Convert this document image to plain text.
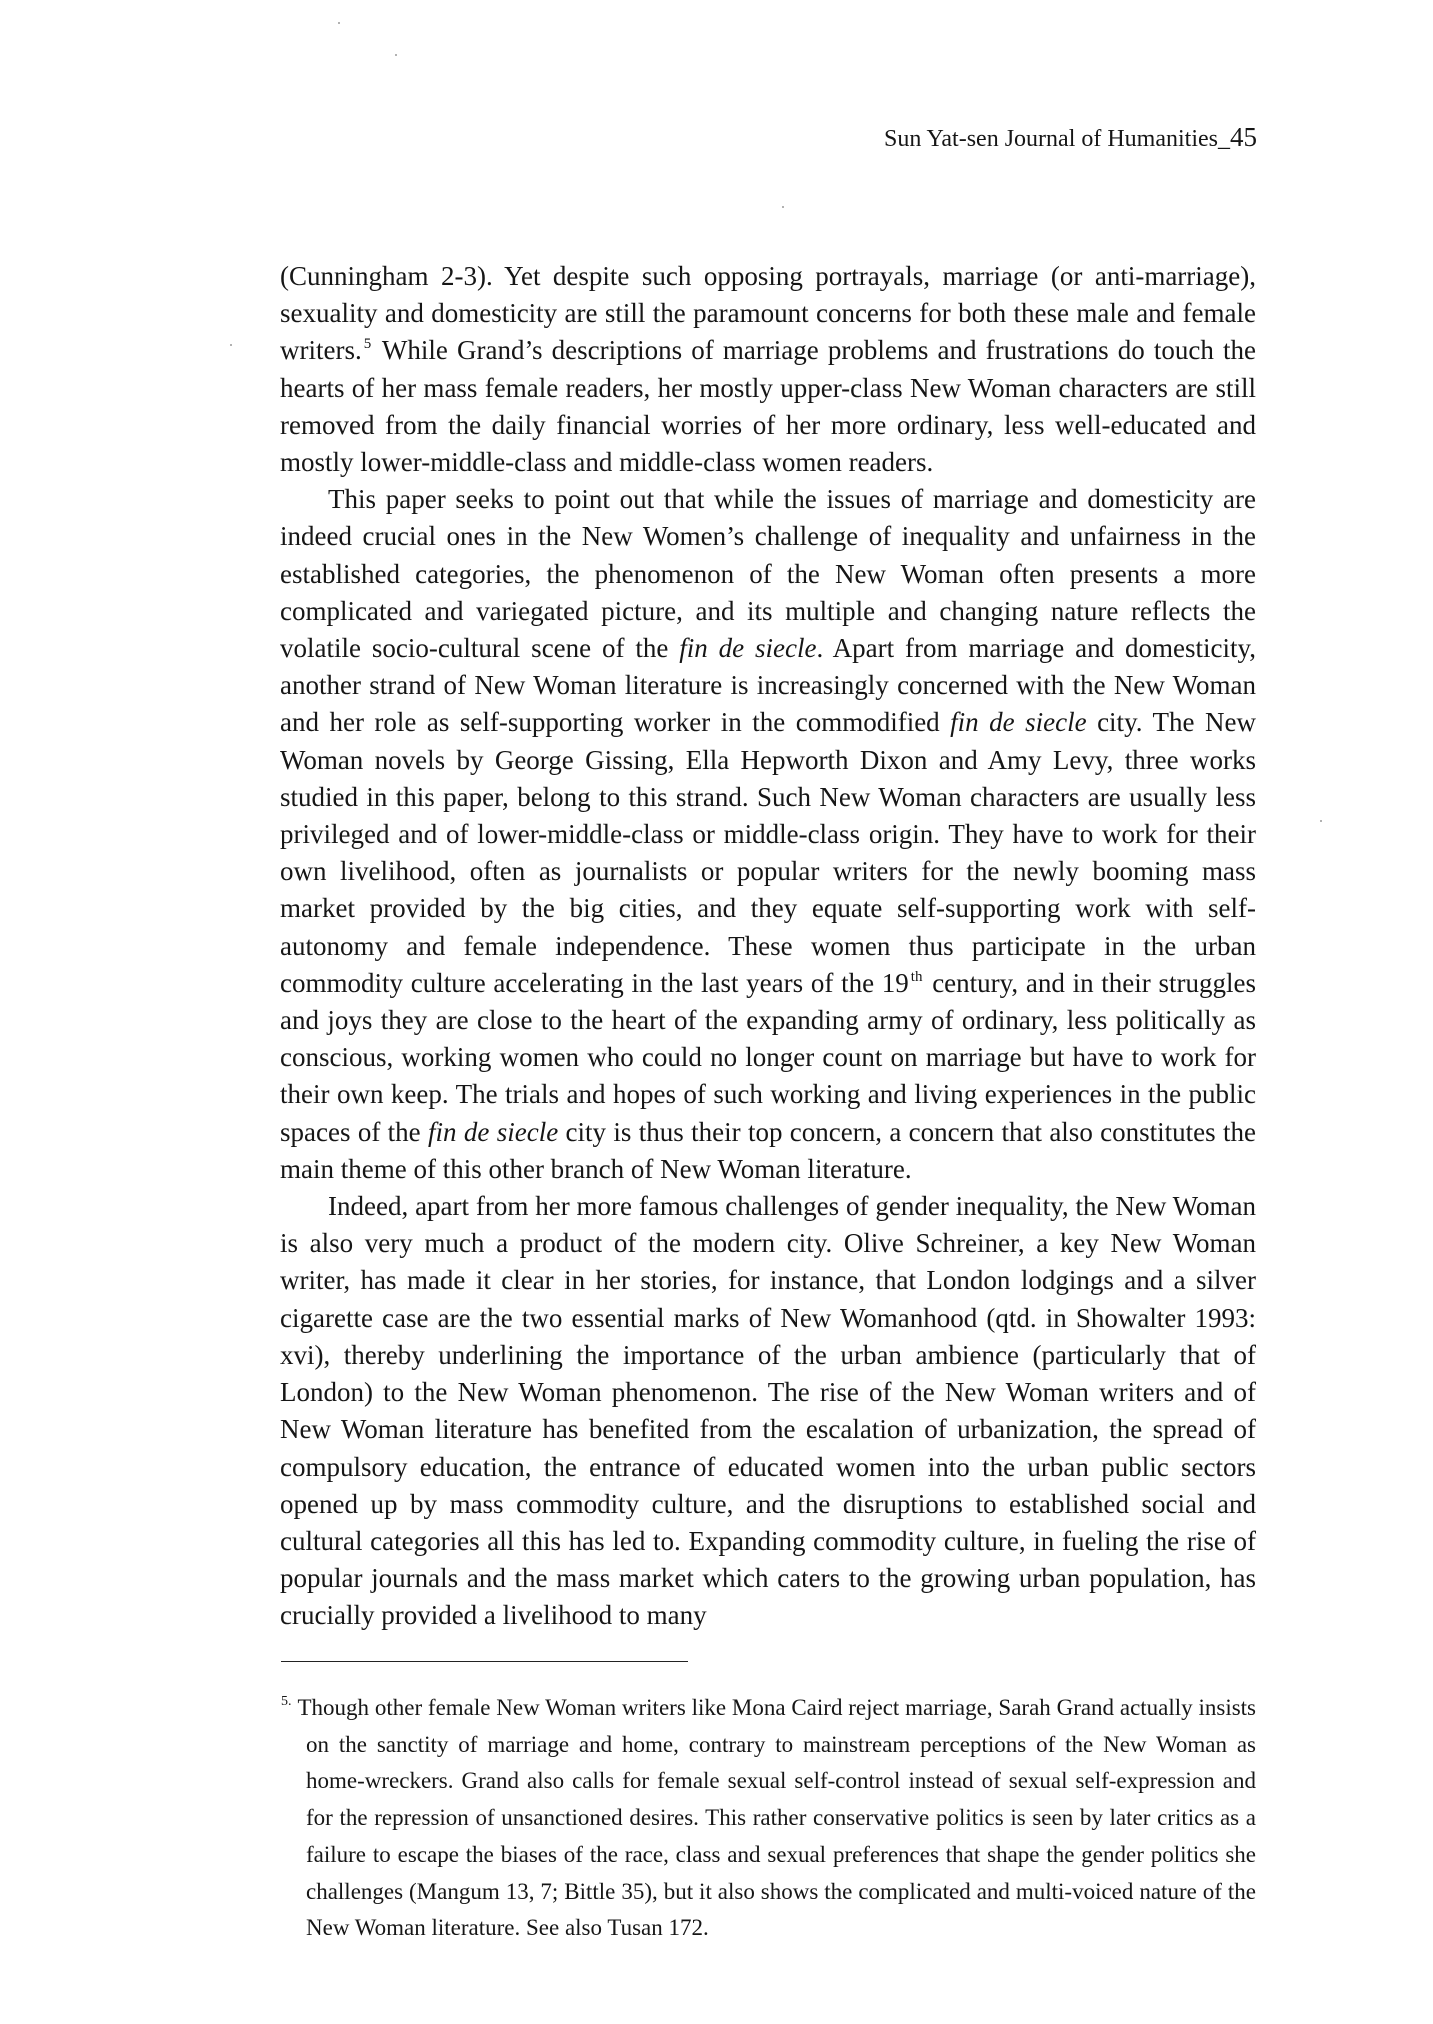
Sun Yat-sen Journal of Humanities_45

(Cunningham 2-3). Yet despite such opposing portrayals, marriage (or anti-marriage), sexuality and domesticity are still the paramount concerns for both these male and female writers. $^5$ While Grand’s descriptions of marriage problems and frustrations do touch the hearts of her mass female readers, her mostly upper-class New Woman characters are still removed from the daily financial worries of her more ordinary, less well-educated and mostly lower-middle-class and middle-class women readers.

This paper seeks to point out that while the issues of marriage and domesticity are indeed crucial ones in the New Women’s challenge of inequality and unfairness in the established categories, the phenomenon of the New Woman often presents a more complicated and variegated picture, and its multiple and changing nature reflects the volatile socio-cultural scene of the fin de siecle. Apart from marriage and domesticity, another strand of New Woman literature is increasingly concerned with the New Woman and her role as self-supporting worker in the commodified fin de siecle city. The New Woman novels by George Gissing, Ella Hepworth Dixon and Amy Levy, three works studied in this paper, belong to this strand. Such New Woman characters are usually less privileged and of lower-middle-class or middle-class origin. They have to work for their own livelihood, often as journalists or popular writers for the newly booming mass market provided by the big cities, and they equate self-supporting work with self-autonomy and female independence. These women thus participate in the urban commodity culture accelerating in the last years of the 19 $^{th}$ century, and in their struggles and joys they are close to the heart of the expanding army of ordinary, less politically as conscious, working women who could no longer count on marriage but have to work for their own keep. The trials and hopes of such working and living experiences in the public spaces of the fin de siecle city is thus their top concern, a concern that also constitutes the main theme of this other branch of New Woman literature.

Indeed, apart from her more famous challenges of gender inequality, the New Woman is also very much a product of the modern city. Olive Schreiner, a key New Woman writer, has made it clear in her stories, for instance, that London lodgings and a silver cigarette case are the two essential marks of New Womanhood (qtd. in Showalter 1993: xvi), thereby underlining the importance of the urban ambience (particularly that of London) to the New Woman phenomenon. The rise of the New Woman writers and of New Woman literature has benefited from the escalation of urbanization, the spread of compulsory education, the entrance of educated women into the urban public sectors opened up by mass commodity culture, and the disruptions to established social and cultural categories all this has led to. Expanding commodity culture, in fueling the rise of popular journals and the mass market which caters to the growing urban population, has crucially provided a livelihood to many

$^{5.}$ Though other female New Woman writers like Mona Caird reject marriage, Sarah Grand actually insists on the sanctity of marriage and home, contrary to mainstream perceptions of the New Woman as home-wreckers. Grand also calls for female sexual self-control instead of sexual self-expression and for the repression of unsanctioned desires. This rather conservative politics is seen by later critics as a failure to escape the biases of the race, class and sexual preferences that shape the gender politics she challenges (Mangum 13, 7; Bittle 35), but it also shows the complicated and multi-voiced nature of the New Woman literature. See also Tusan 172.
